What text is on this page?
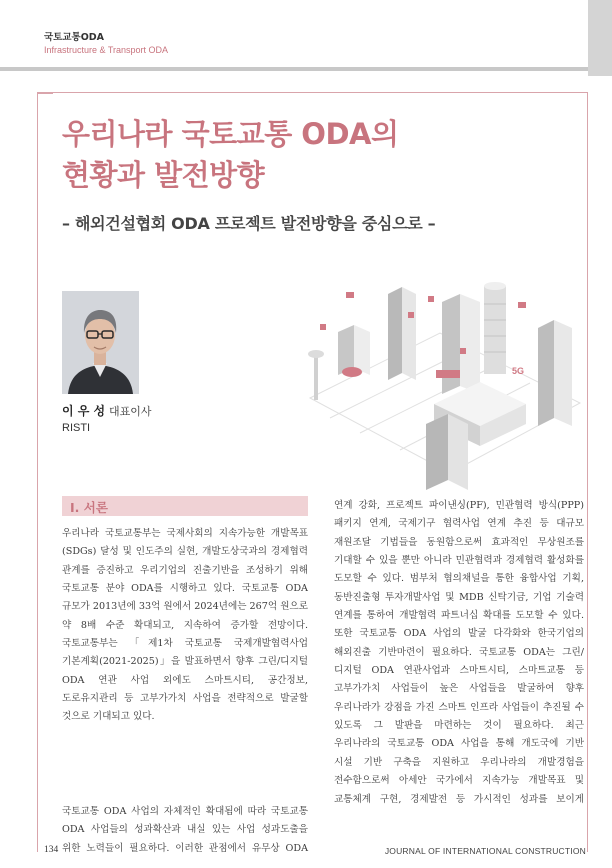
국토교통ODA
Infrastructure & Transport ODA
우리나라 국토교통 ODA의
현황과 발전방향
– 해외건설협회 ODA 프로젝트 발전방향을 중심으로 –
이 우 성 대표이사
RISTI
5G
Ⅰ. 서론

우리나라 국토교통부는 국제사회의 지속가능한 개발목표

(SDGs) 달성 및 인도주의 실현, 개발도상국과의 경제협력

관계를 증진하고 우리기업의 진출기반을 조성하기 위해

국토교통 분야 ODA를 시행하고 있다. 국토교통 ODA

규모가 2013년에 33억 원에서 2024년에는 267억 원으로

약 8배 수준 확대되고, 지속하여 증가할 전망이다.

국토교통부는 「제1차 국토교통 국제개발협력사업

기본계획(2021-2025)」을 발표하면서 향후 그린/디지털

ODA 연관 사업 외에도 스마트시티, 공간정보,

도로유지관리 등 고부가가치 사업을 전략적으로 발굴할

것으로 기대되고 있다.

국토교통 ODA 사업의 자체적인 확대됨에 따라 국토교통

ODA 사업들의 성과확산과 내실 있는 사업 성과도출을

위한 노력들이 필요하다. 이러한 관점에서 유무상 ODA

연계 강화, 프로젝트 파이낸싱(PF), 민관협력 방식(PPP)

패키지 연계, 국제기구 협력사업 연계 추진 등 대규모

재원조달 기법들을 동원함으로써 효과적인 무상원조를

기대할 수 있을 뿐만 아니라 민관협력과 경제협력 활성화를

도모할 수 있다. 범부처 협의채널을 통한 융합사업 기획,

동반진출형 투자개발사업 및 MDB 신탁기금, 기업 기술력

연계를 통하여 개발협력 파트너십 확대를 도모할 수 있다.

또한 국토교통 ODA 사업의 발굴 다각화와 한국기업의

해외진출 기반마련이 필요하다. 국토교통 ODA는 그린/

디지털 ODA 연관사업과 스마트시티, 스마트교통 등

고부가가치 사업들이 높은 사업들을 발굴하여 향후

우리나라가 강점을 가진 스마트 인프라 사업들이 추진될 수

있도록 그 발판을 마련하는 것이 필요하다. 최근

우리나라의 국토교통 ODA 사업을 통해 개도국에 기반

시설 기반 구축을 지원하고 우리나라의 개발경험을

전수함으로써 아세안 국가에서 지속가능 개발목표 및

교통체계 구현, 경제발전 등 가시적인 성과를 보이게

134	JOURNAL OF INTERNATIONAL CONSTRUCTION
